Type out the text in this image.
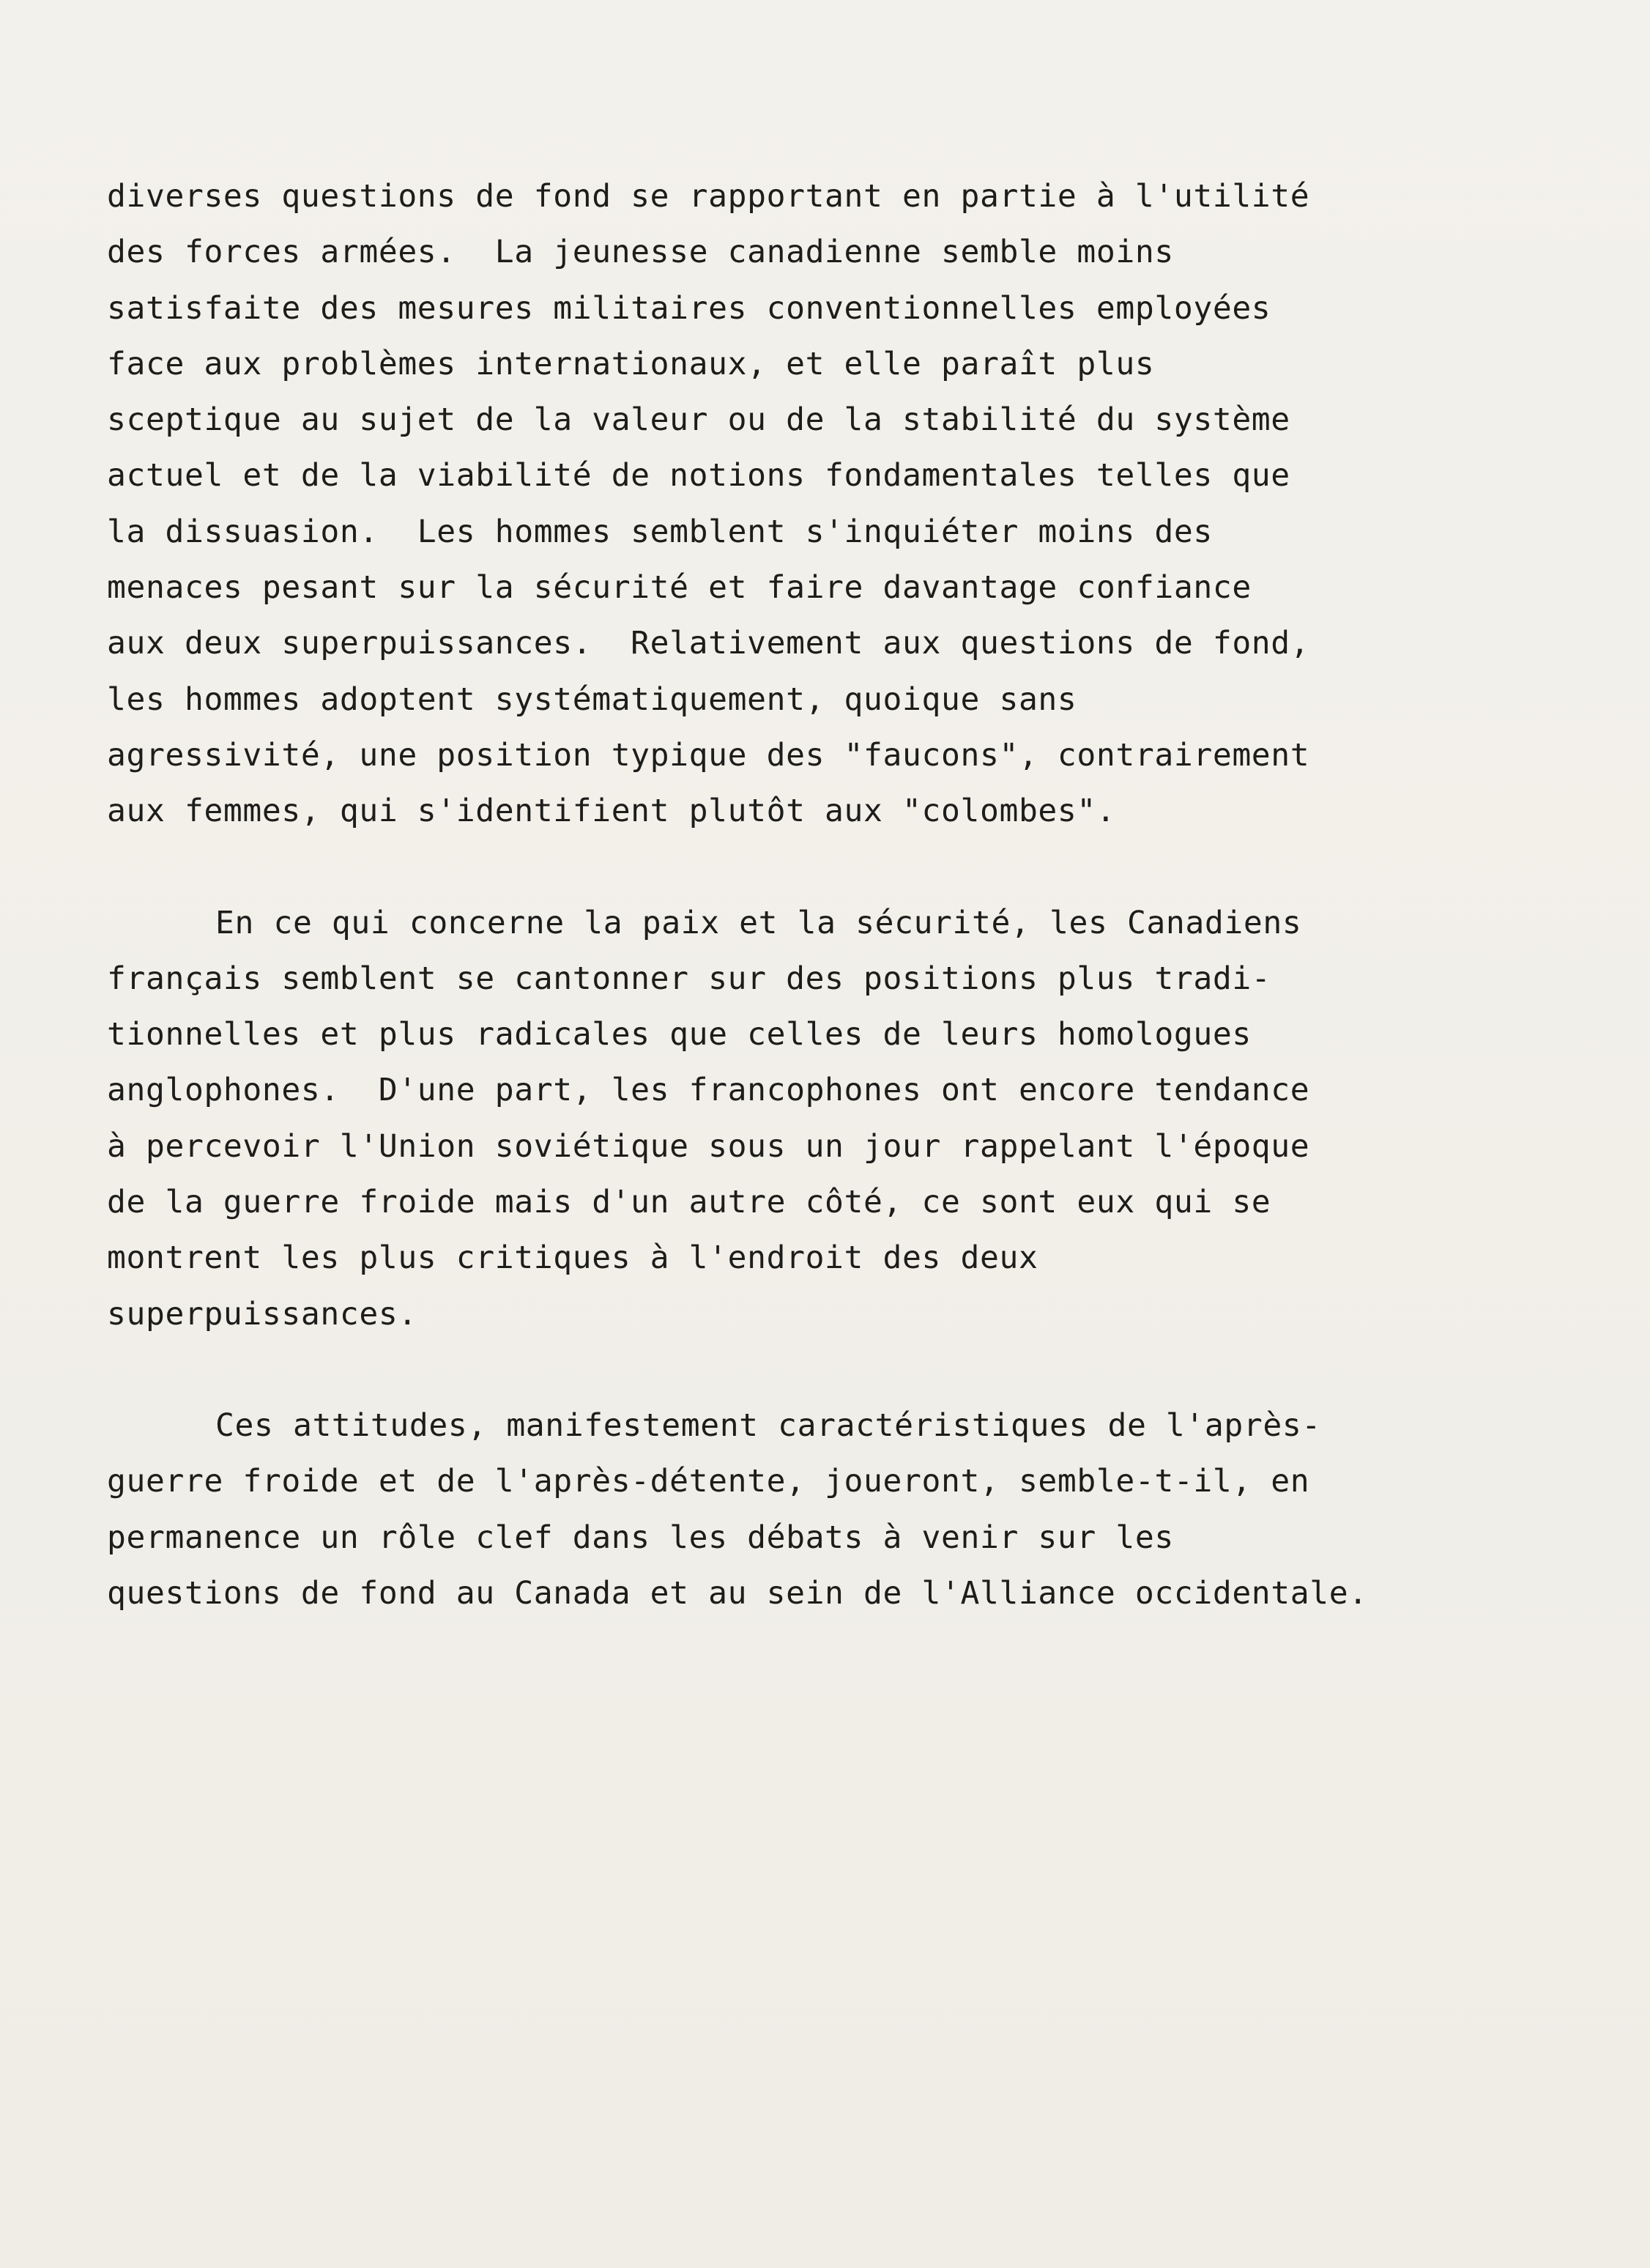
diverses questions de fond se rapportant en partie à l'utilité
des forces armées.  La jeunesse canadienne semble moins
satisfaite des mesures militaires conventionnelles employées
face aux problèmes internationaux, et elle paraît plus
sceptique au sujet de la valeur ou de la stabilité du système
actuel et de la viabilité de notions fondamentales telles que
la dissuasion.  Les hommes semblent s'inquiéter moins des
menaces pesant sur la sécurité et faire davantage confiance
aux deux superpuissances.  Relativement aux questions de fond,
les hommes adoptent systématiquement, quoique sans
agressivité, une position typique des "faucons", contrairement
aux femmes, qui s'identifient plutôt aux "colombes".
En ce qui concerne la paix et la sécurité, les Canadiens
français semblent se cantonner sur des positions plus tradi-
tionnelles et plus radicales que celles de leurs homologues
anglophones.  D'une part, les francophones ont encore tendance
à percevoir l'Union soviétique sous un jour rappelant l'époque
de la guerre froide mais d'un autre côté, ce sont eux qui se
montrent les plus critiques à l'endroit des deux
superpuissances.
Ces attitudes, manifestement caractéristiques de l'après-
guerre froide et de l'après-détente, joueront, semble-t-il, en
permanence un rôle clef dans les débats à venir sur les
questions de fond au Canada et au sein de l'Alliance occidentale.
